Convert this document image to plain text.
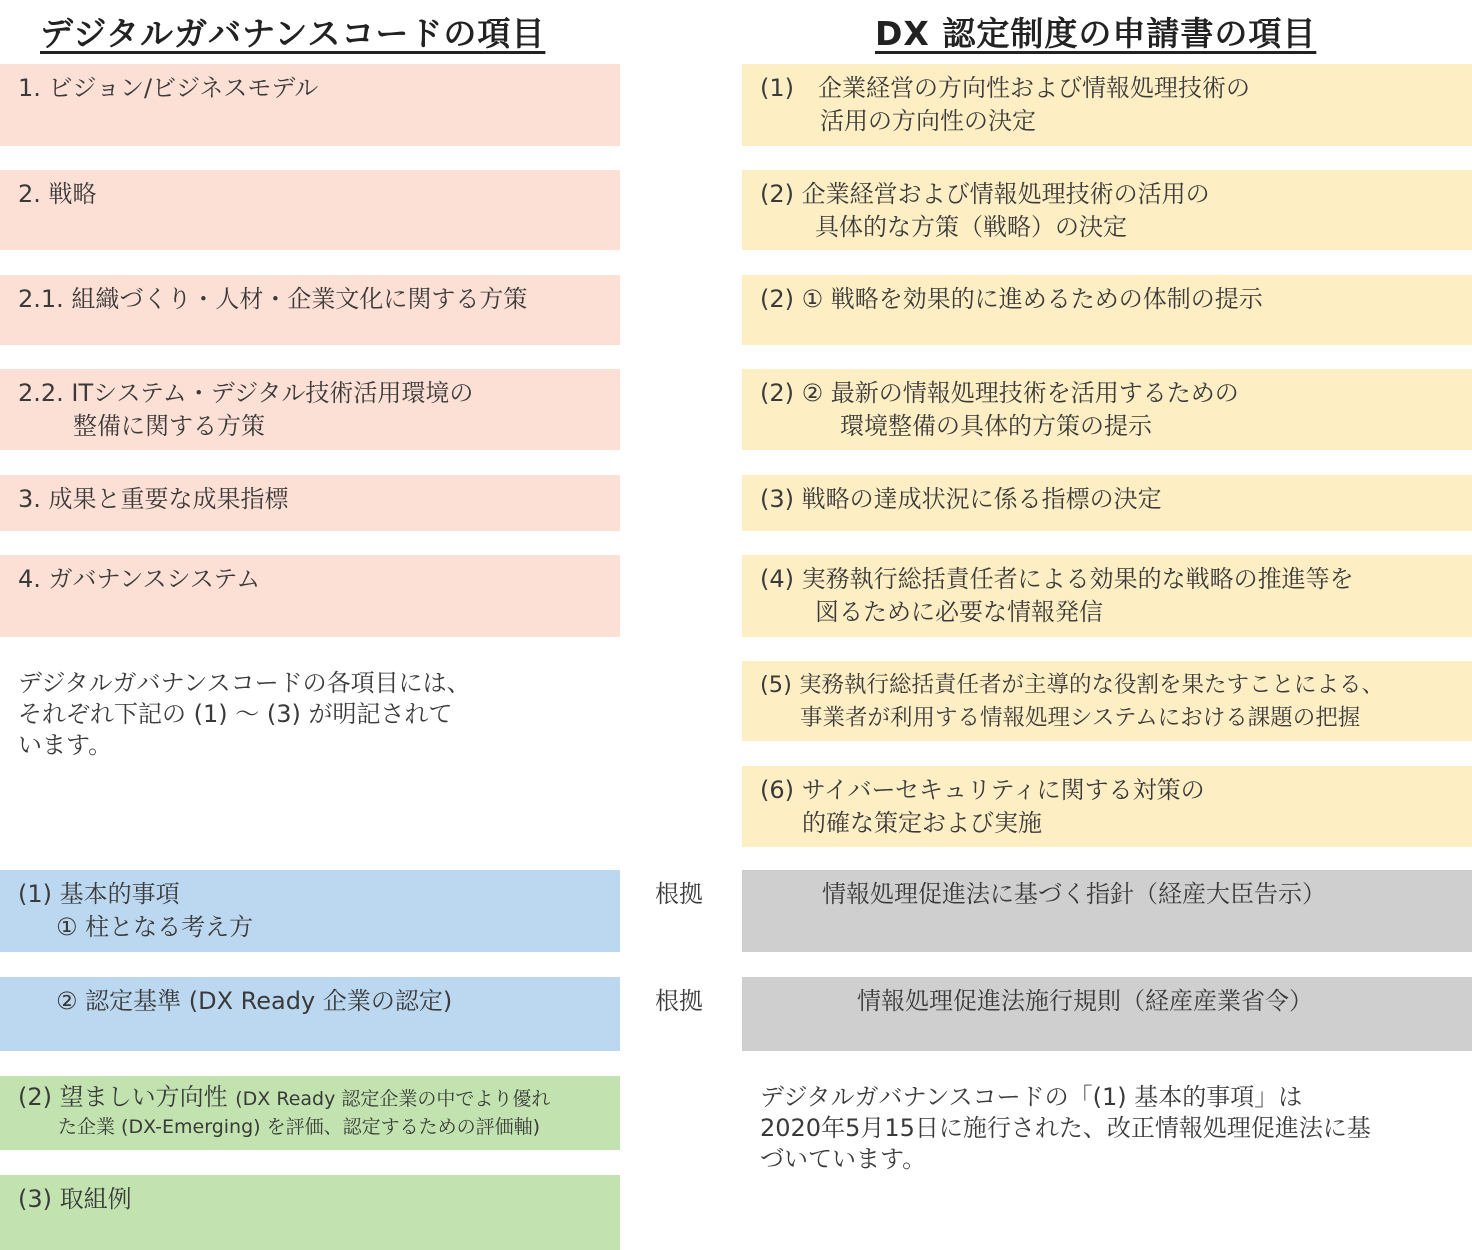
デジタルガバナンスコードの項目	DX 認定制度の申請書の項目
1. ビジョン/ビジネスモデル
2. 戦略
2.1. 組織づくり・人材・企業文化に関する方策
2.2. ITシステム・デジタル技術活用環境の
整備に関する方策
3. 成果と重要な成果指標
4. ガバナンスシステム
(1)　企業経営の方向性および情報処理技術の
活用の方向性の決定
(2) 企業経営および情報処理技術の活用の
具体的な方策（戦略）の決定
(2) ① 戦略を効果的に進めるための体制の提示
(2) ② 最新の情報処理技術を活用するための
環境整備の具体的方策の提示
(3) 戦略の達成状況に係る指標の決定
(4) 実務執行総括責任者による効果的な戦略の推進等を
図るために必要な情報発信
(5) 実務執行総括責任者が主導的な役割を果たすことによる、
事業者が利用する情報処理システムにおける課題の把握
(6) サイバーセキュリティに関する対策の
的確な策定および実施
デジタルガバナンスコードの各項目には、
それぞれ下記の (1) ～ (3) が明記されて
います。
(1) 基本的事項
① 柱となる考え方
② 認定基準 (DX Ready 企業の認定)
根拠
根拠
情報処理促進法に基づく指針（経産大臣告示）
情報処理促進法施行規則（経産産業省令）
(2) 望ましい方向性 (DX Ready 認定企業の中でより優れ
た企業 (DX-Emerging) を評価、認定するための評価軸)
(3) 取組例
デジタルガバナンスコードの「(1) 基本的事項」は
2020年5月15日に施行された、改正情報処理促進法に基
づいています。
